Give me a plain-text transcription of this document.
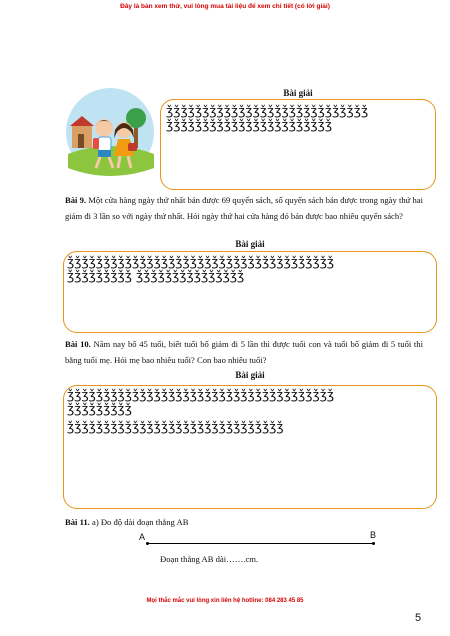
Đây là bản xem thử, vui lòng mua tài liệu để xem chi tiết (có lời giải)
Bài giải
ǯǯǯǯǯǯǯǯǯǯǯǯǯǯǯǯǯǯǯǯǯǯǯǯǯǯǯǯ
ǯǯǯǯǯǯǯǯǯǯǯǯǯǯǯǯǯǯǯǯǯǯǯ
Bài 9. Một cửa hàng ngày thứ nhất bán được 69 quyển sách, số quyển sách bán được trong ngày thứ hai giảm đi 3 lần so với ngày thứ nhất. Hỏi ngày thứ hai cửa hàng đó bán được bao nhiêu quyển sách?
Bài giải
ǯǯǯǯǯǯǯǯǯǯǯǯǯǯǯǯǯǯǯǯǯǯǯǯǯǯǯǯǯǯǯǯǯǯǯǯǯ
ǯǯǯǯǯǯǯǯǯ ǯǯǯǯǯǯǯǯǯǯǯǯǯǯǯ
Bài 10. Năm nay bố 45 tuổi, biết tuổi bố giảm đi 5 lần thì được tuổi con và tuổi bố giảm đi 5 tuổi thì bằng tuổi mẹ. Hỏi mẹ bao nhiêu tuổi? Con bao nhiêu tuổi?
Bài giải
ǯǯǯǯǯǯǯǯǯǯǯǯǯǯǯǯǯǯǯǯǯǯǯǯǯǯǯǯǯǯǯǯǯǯǯǯǯ
ǯǯǯǯǯǯǯǯǯ
ǯǯǯǯǯǯǯǯǯǯǯǯǯǯǯǯǯǯǯǯǯǯǯǯǯǯǯǯǯǯ
Bài 11. a) Đo độ dài đoạn thẳng AB
A	B
Đoạn thẳng AB dài…….cm.
Mọi thắc mắc vui lòng xin liên hệ hotline: 084 283 45 85
5
